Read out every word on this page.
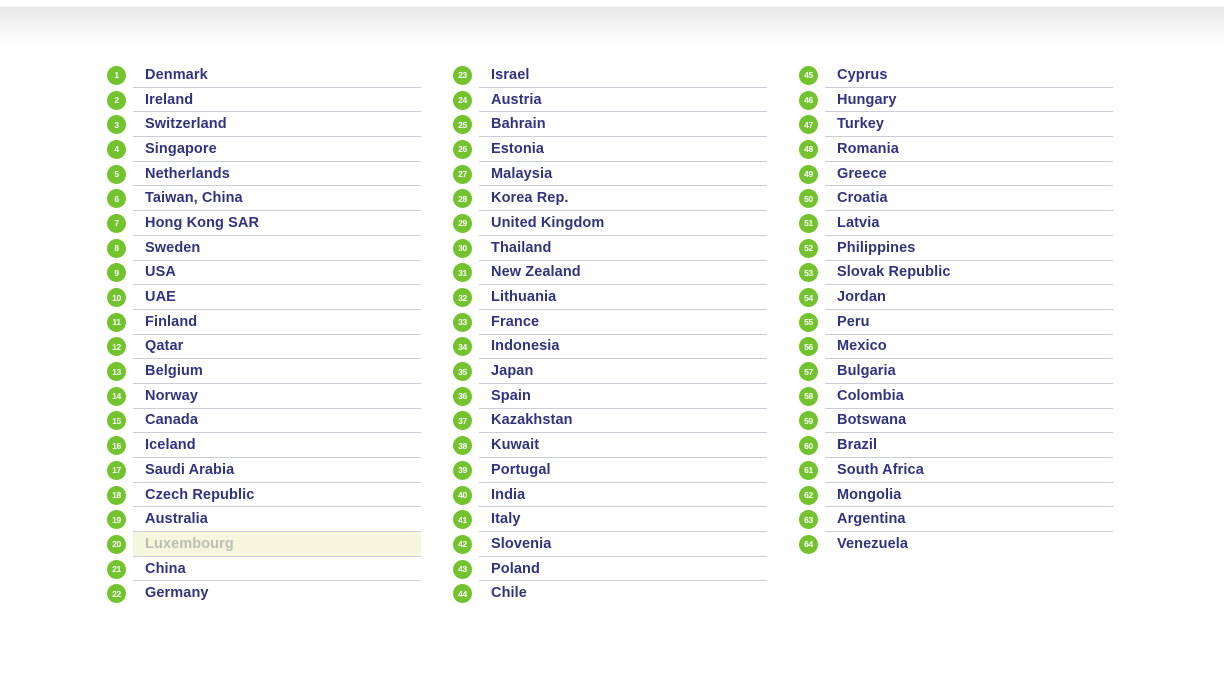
1	Denmark
2	Ireland
3	Switzerland
4	Singapore
5	Netherlands
6	Taiwan, China
7	Hong Kong SAR
8	Sweden
9	USA
10	UAE
11	Finland
12	Qatar
13	Belgium
14	Norway
15	Canada
16	Iceland
17	Saudi Arabia
18	Czech Republic
19	Australia
20	Luxembourg
21	China
22	Germany
23	Israel
24	Austria
25	Bahrain
26	Estonia
27	Malaysia
28	Korea Rep.
29	United Kingdom
30	Thailand
31	New Zealand
32	Lithuania
33	France
34	Indonesia
35	Japan
36	Spain
37	Kazakhstan
38	Kuwait
39	Portugal
40	India
41	Italy
42	Slovenia
43	Poland
44	Chile
45	Cyprus
46	Hungary
47	Turkey
48	Romania
49	Greece
50	Croatia
51	Latvia
52	Philippines
53	Slovak Republic
54	Jordan
55	Peru
56	Mexico
57	Bulgaria
58	Colombia
59	Botswana
60	Brazil
61	South Africa
62	Mongolia
63	Argentina
64	Venezuela
